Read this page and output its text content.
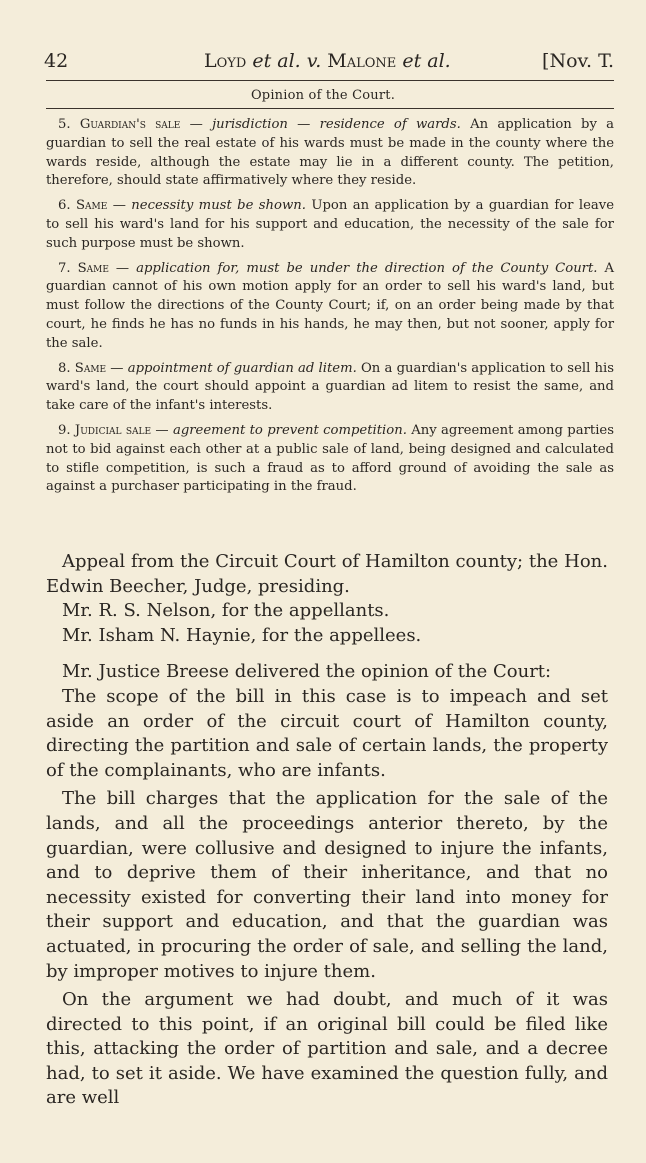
42	Loyd et al. v. Malone et al.	[Nov. T.
Opinion of the Court.

5. Guardian's sale — jurisdiction — residence of wards. An application by a guardian to sell the real estate of his wards must be made in the county where the wards reside, although the estate may lie in a different county. The petition, therefore, should state affirmatively where they reside.

6. Same — necessity must be shown. Upon an application by a guardian for leave to sell his ward's land for his support and education, the necessity of the sale for such purpose must be shown.

7. Same — application for, must be under the direction of the County Court. A guardian cannot of his own motion apply for an order to sell his ward's land, but must follow the directions of the County Court; if, on an order being made by that court, he finds he has no funds in his hands, he may then, but not sooner, apply for the sale.

8. Same — appointment of guardian ad litem. On a guardian's application to sell his ward's land, the court should appoint a guardian ad litem to resist the same, and take care of the infant's interests.

9. Judicial sale — agreement to prevent competition. Any agreement among parties not to bid against each other at a public sale of land, being designed and calculated to stifle competition, is such a fraud as to afford ground of avoiding the sale as against a purchaser participating in the fraud.

Appeal from the Circuit Court of Hamilton county; the Hon. Edwin Beecher, Judge, presiding.

Mr. R. S. Nelson, for the appellants.

Mr. Isham N. Haynie, for the appellees.

Mr. Justice Breese delivered the opinion of the Court:

The scope of the bill in this case is to impeach and set aside an order of the circuit court of Hamilton county, directing the partition and sale of certain lands, the property of the complainants, who are infants.

The bill charges that the application for the sale of the lands, and all the proceedings anterior thereto, by the guardian, were collusive and designed to injure the infants, and to deprive them of their inheritance, and that no necessity existed for converting their land into money for their support and education, and that the guardian was actuated, in procuring the order of sale, and selling the land, by improper motives to injure them.

On the argument we had doubt, and much of it was directed to this point, if an original bill could be filed like this, attacking the order of partition and sale, and a decree had, to set it aside. We have examined the question fully, and are well
